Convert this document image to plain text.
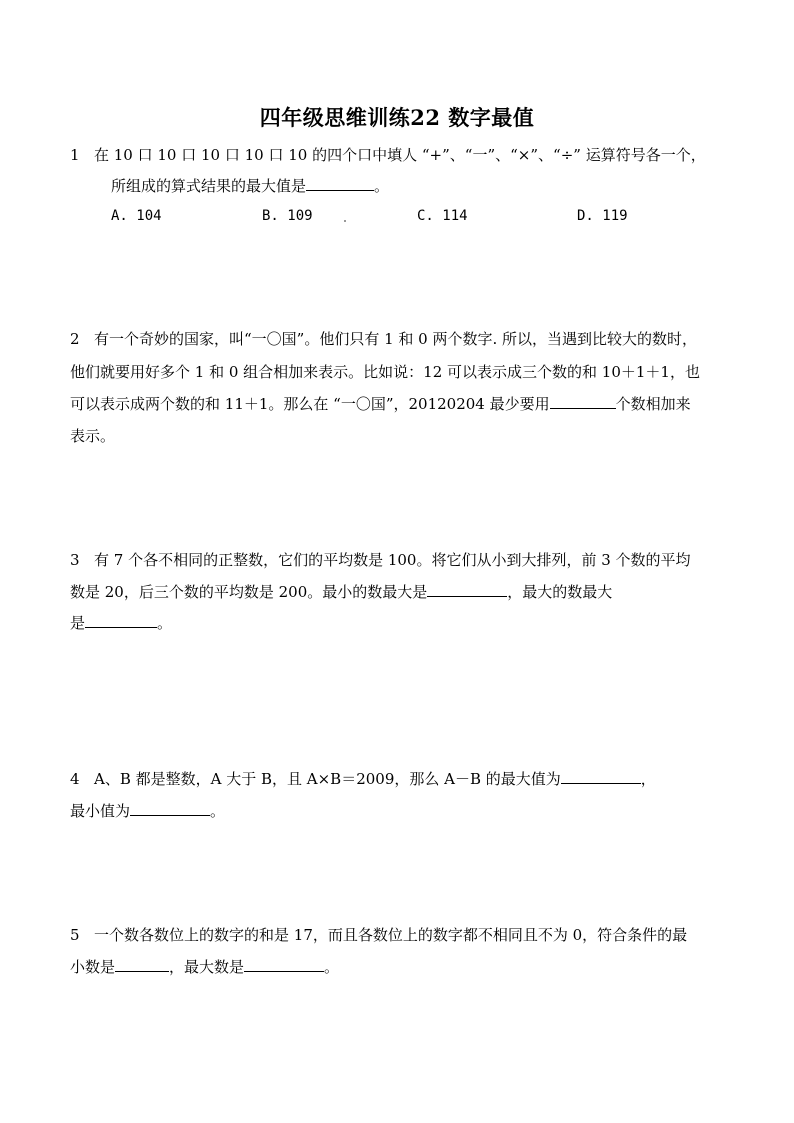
四年级思维训练22 数字最值
1 在 10 口 10 口 10 口 10 口 10 的四个口中填人 “+”、“一”、“×”、“÷” 运算符号各一个，
所组成的算式结果的最大值是	。
A. 104	B. 109	C. 114	D. 119
2 有一个奇妙的国家，叫“一〇国”。他们只有 1 和 0 两个数字. 所以，当遇到比较大的数时，
他们就要用好多个 1 和 0 组合相加来表示。比如说：12 可以表示成三个数的和 10＋1＋1，也
可以表示成两个数的和 11＋1。那么在 “一〇国”，20120204 最少要用	个数相加来
表示。
3 有 7 个各不相同的正整数，它们的平均数是 100。将它们从小到大排列，前 3 个数的平均
数是 20，后三个数的平均数是 200。最小的数最大是	，最大的数最大
是	。
4 A、B 都是整数，A 大于 B，且 A×B＝2009，那么 A－B 的最大值为	，
最小值为	。
5 一个数各数位上的数字的和是 17，而且各数位上的数字都不相同且不为 0，符合条件的最
小数是	，最大数是	。
